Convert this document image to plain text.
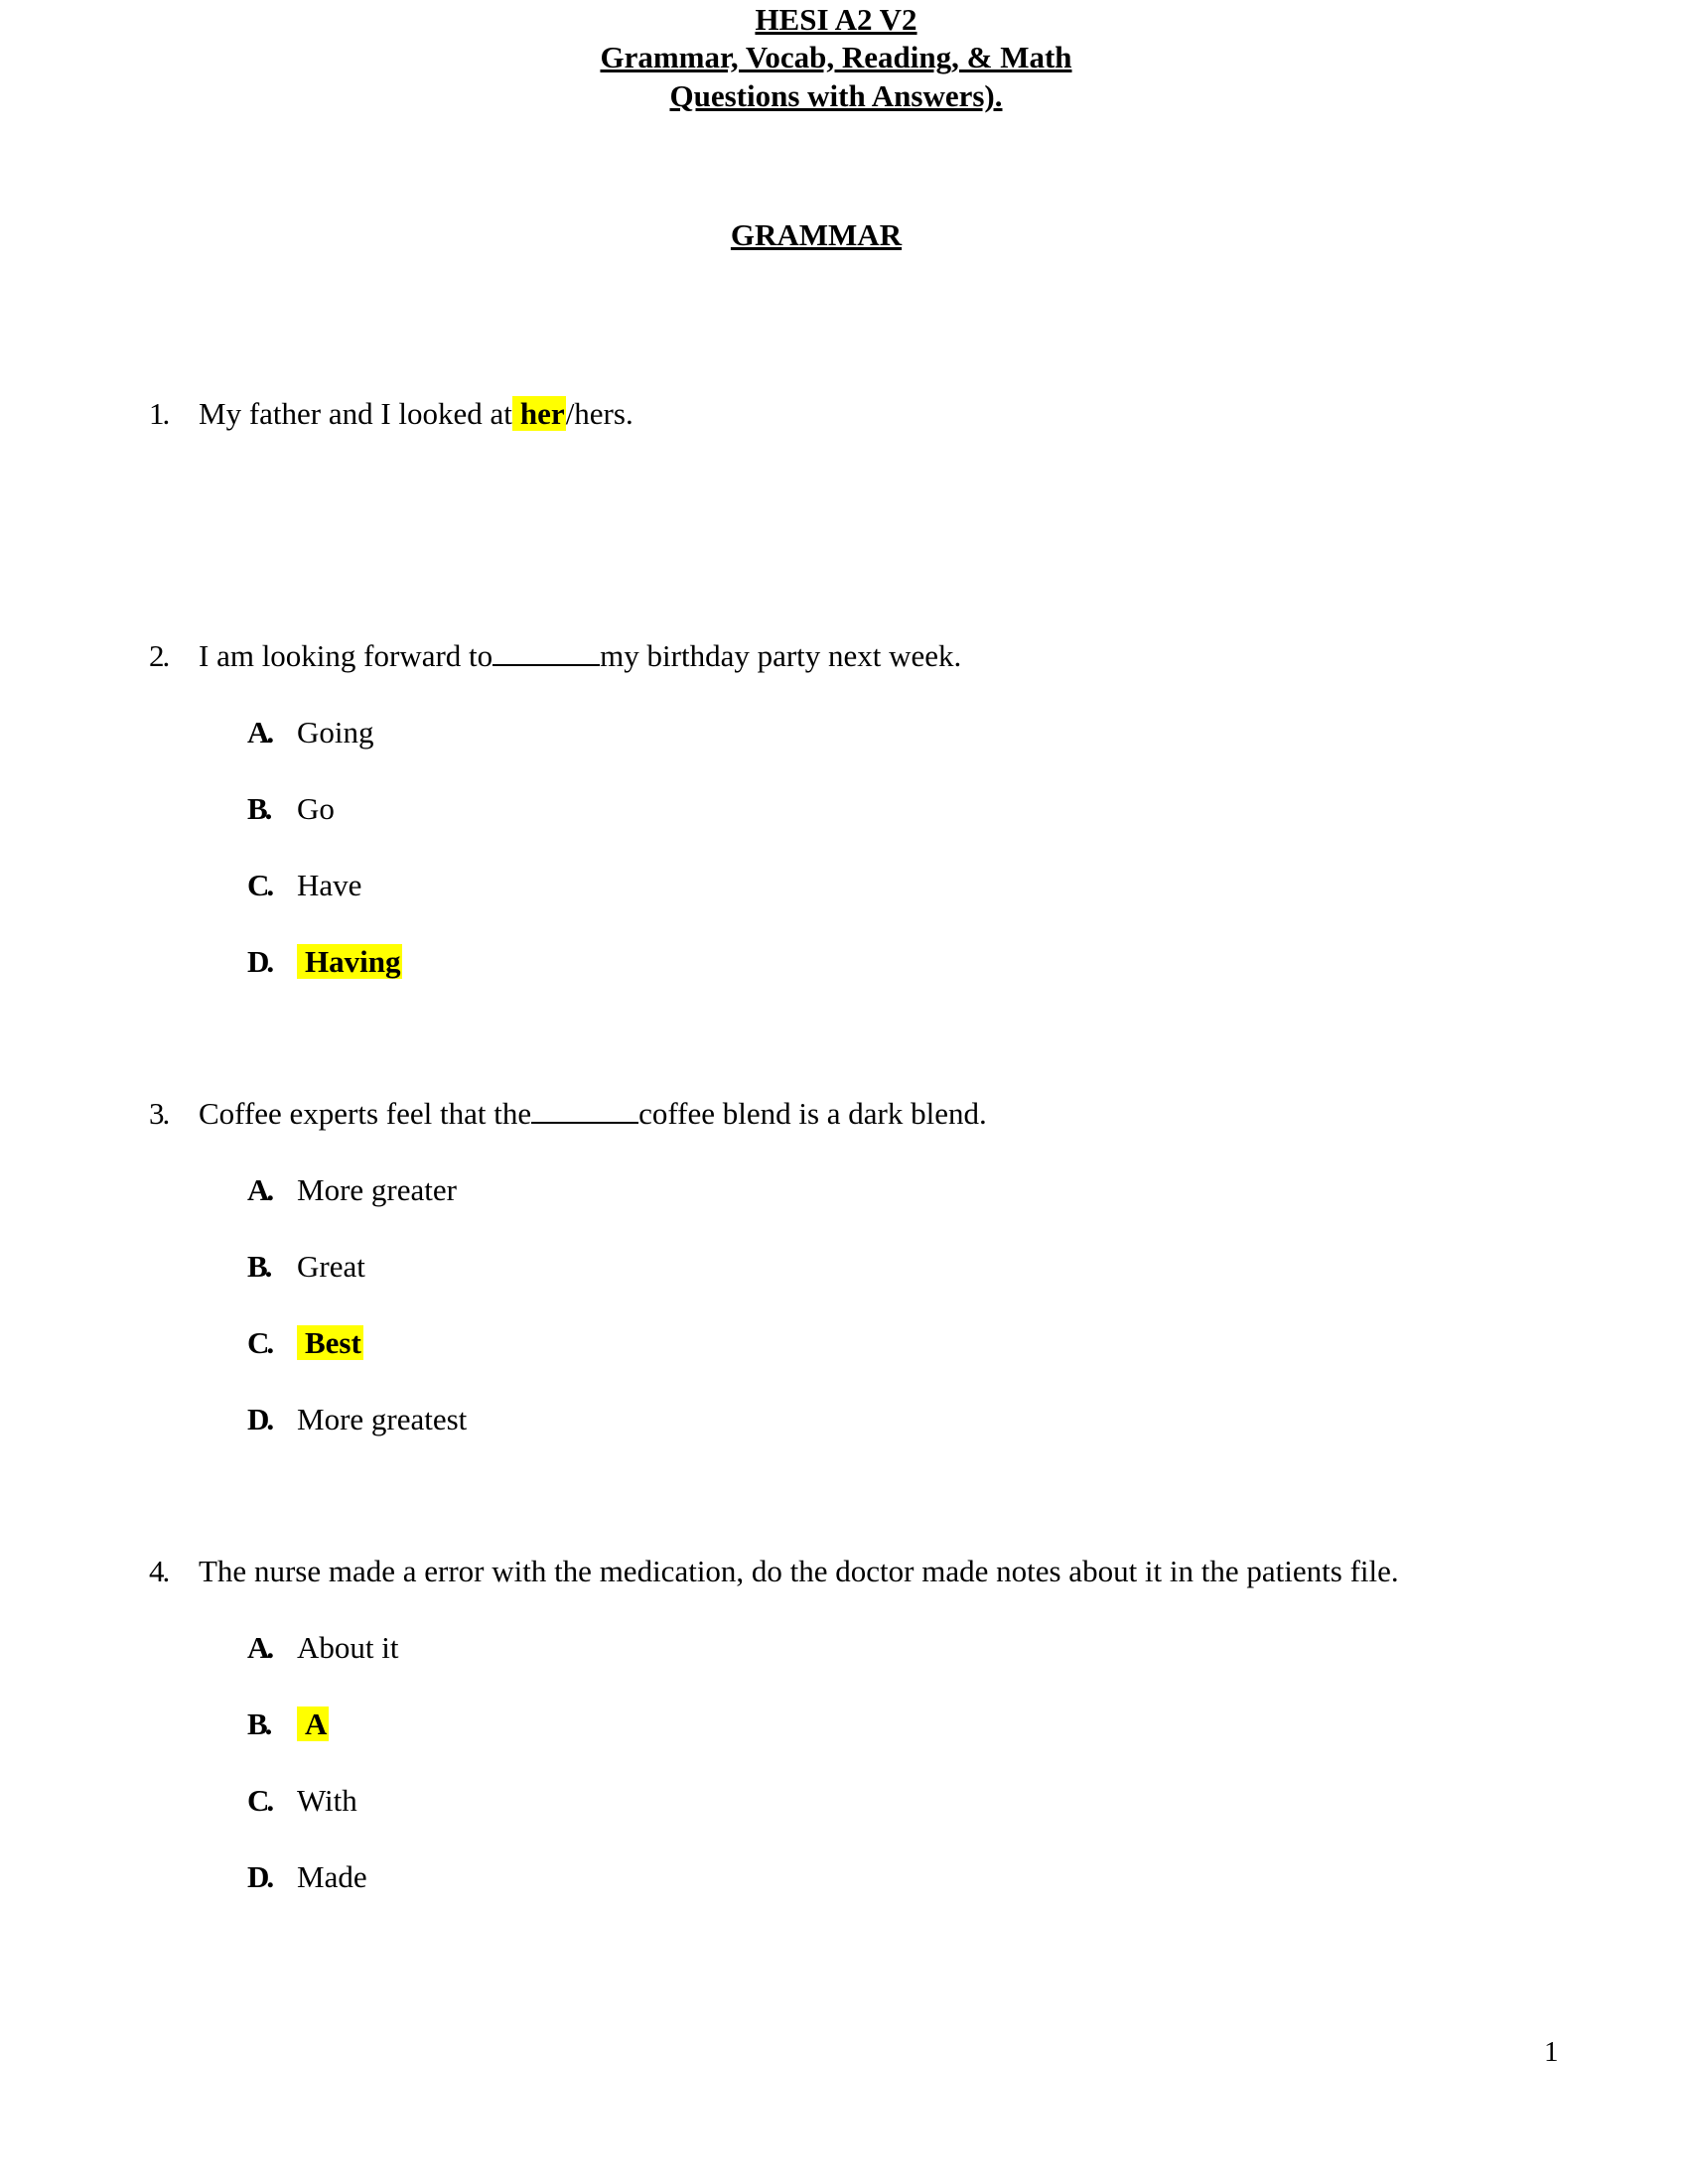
HESI A2 V2
Grammar, Vocab, Reading, & Math
Questions with Answers).
GRAMMAR
1. My father and I looked at her/hers.
2. I am looking forward to	my birthday party next week.
A. Going
B. Go
C. Have
D. Having
3. Coffee experts feel that the	coffee blend is a dark blend.
A. More greater
B. Great
C. Best
D. More greatest
4. The nurse made a error with the medication, do the doctor made notes about it in the patients file.
A. About it
B. A
C. With
D. Made
1
